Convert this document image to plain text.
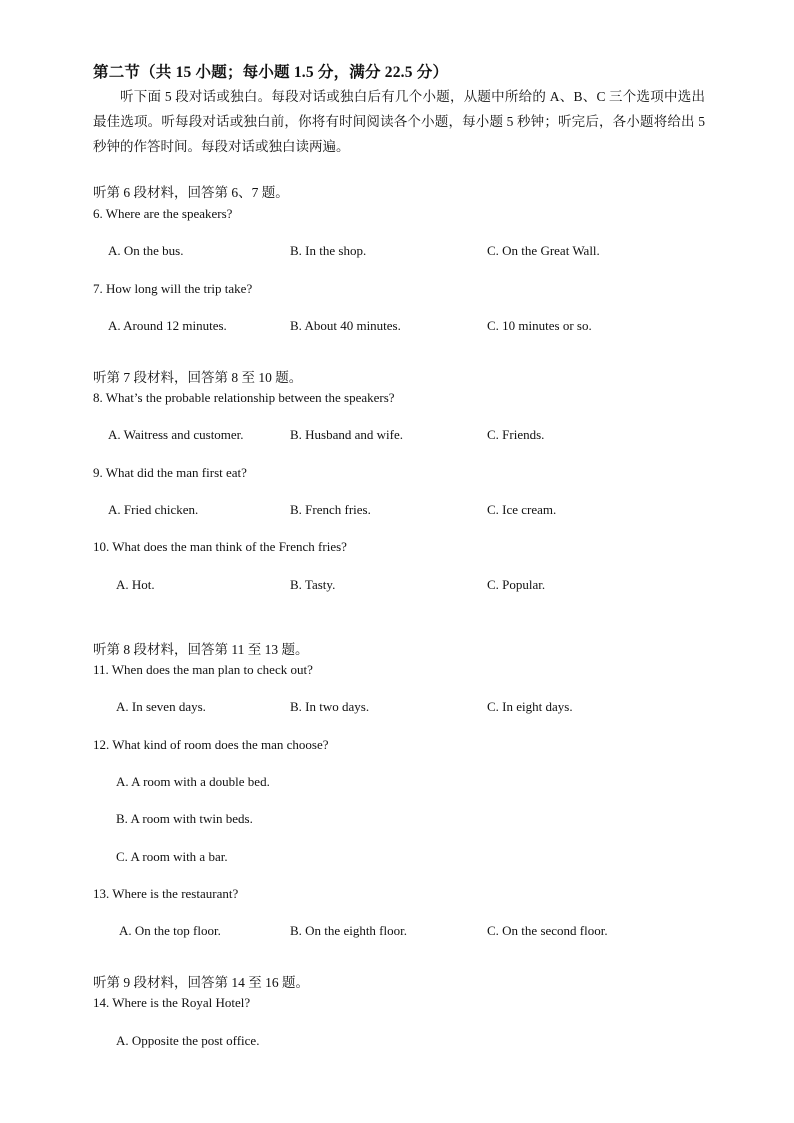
第二节（共 15 小题；每小题 1.5 分，满分 22.5 分）
听下面 5 段对话或独白。每段对话或独白后有几个小题，从题中所给的 A、B、C 三个选项中选出最佳选项。听每段对话或独白前，你将有时间阅读各个小题，每小题 5 秒钟；听完后，各小题将给出 5 秒钟的作答时间。每段对话或独白读两遍。
听第 6 段材料，回答第 6、7 题。
6. Where are the speakers?
A. On the bus.	B. In the shop.	C. On the Great Wall.
7. How long will the trip take?
A. Around 12 minutes.	B. About 40 minutes.	C. 10 minutes or so.
听第 7 段材料，回答第 8 至 10 题。
8. What’s the probable relationship between the speakers?
A. Waitress and customer.	B. Husband and wife.	C. Friends.
9. What did the man first eat?
A. Fried chicken.	B. French fries.	C. Ice cream.
10. What does the man think of the French fries?
A. Hot.	B. Tasty.	C. Popular.
听第 8 段材料，回答第 11 至 13 题。
11. When does the man plan to check out?
A. In seven days.	B. In two days.	C. In eight days.
12. What kind of room does the man choose?
A. A room with a double bed.
B. A room with twin beds.
C. A room with a bar.
13. Where is the restaurant?
A. On the top floor.	B. On the eighth floor.	C. On the second floor.
听第 9 段材料，回答第 14 至 16 题。
14. Where is the Royal Hotel?
A. Opposite the post office.
